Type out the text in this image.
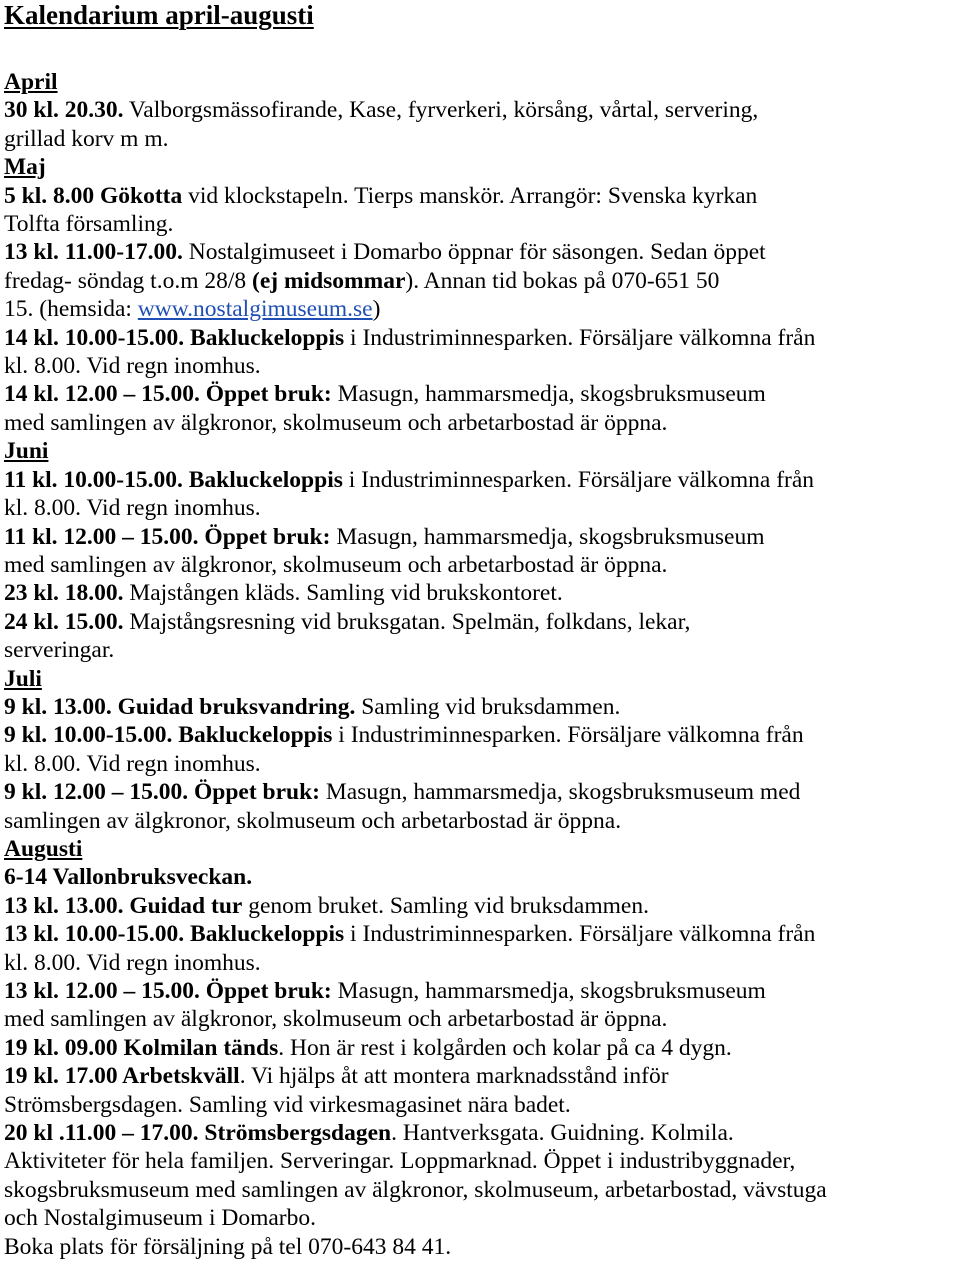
Kalendarium april-augusti
April
30 kl. 20.30. Valborgsmässofirande, Kase, fyrverkeri, körsång, vårtal, servering,
grillad korv m m.
Maj
5 kl. 8.00 Gökotta vid klockstapeln. Tierps manskör. Arrangör: Svenska kyrkan
Tolfta församling.
13 kl. 11.00-17.00. Nostalgimuseet i Domarbo öppnar för säsongen. Sedan öppet
fredag- söndag t.o.m 28/8 (ej midsommar). Annan tid bokas på 070-651 50
15. (hemsida: www.nostalgimuseum.se)
14 kl. 10.00-15.00. Bakluckeloppis i Industriminnesparken. Försäljare välkomna från
kl. 8.00. Vid regn inomhus.
14 kl. 12.00 – 15.00. Öppet bruk: Masugn, hammarsmedja, skogsbruksmuseum
med samlingen av älgkronor, skolmuseum och arbetarbostad är öppna.
Juni
11 kl. 10.00-15.00. Bakluckeloppis i Industriminnesparken. Försäljare välkomna från
kl. 8.00. Vid regn inomhus.
11 kl. 12.00 – 15.00. Öppet bruk: Masugn, hammarsmedja, skogsbruksmuseum
med samlingen av älgkronor, skolmuseum och arbetarbostad är öppna.
23 kl. 18.00. Majstången kläds. Samling vid brukskontoret.
24 kl. 15.00. Majstångsresning vid bruksgatan. Spelmän, folkdans, lekar,
serveringar.
Juli
9 kl. 13.00. Guidad bruksvandring. Samling vid bruksdammen.
9 kl. 10.00-15.00. Bakluckeloppis i Industriminnesparken. Försäljare välkomna från
kl. 8.00. Vid regn inomhus.
9 kl. 12.00 – 15.00. Öppet bruk: Masugn, hammarsmedja, skogsbruksmuseum med
samlingen av älgkronor, skolmuseum och arbetarbostad är öppna.
Augusti
6-14 Vallonbruksveckan.
13 kl. 13.00. Guidad tur genom bruket. Samling vid bruksdammen.
13 kl. 10.00-15.00. Bakluckeloppis i Industriminnesparken. Försäljare välkomna från
kl. 8.00. Vid regn inomhus.
13 kl. 12.00 – 15.00. Öppet bruk: Masugn, hammarsmedja, skogsbruksmuseum
med samlingen av älgkronor, skolmuseum och arbetarbostad är öppna.
19 kl. 09.00 Kolmilan tänds. Hon är rest i kolgården och kolar på ca 4 dygn.
19 kl. 17.00 Arbetskväll. Vi hjälps åt att montera marknadsstånd inför
Strömsbergsdagen. Samling vid virkesmagasinet nära badet.
20 kl .11.00 – 17.00. Strömsbergsdagen. Hantverksgata. Guidning. Kolmila.
Aktiviteter för hela familjen. Serveringar. Loppmarknad. Öppet i industribyggnader,
skogsbruksmuseum med samlingen av älgkronor, skolmuseum, arbetarbostad, vävstuga
och Nostalgimuseum i Domarbo.
Boka plats för försäljning på tel 070-643 84 41.
